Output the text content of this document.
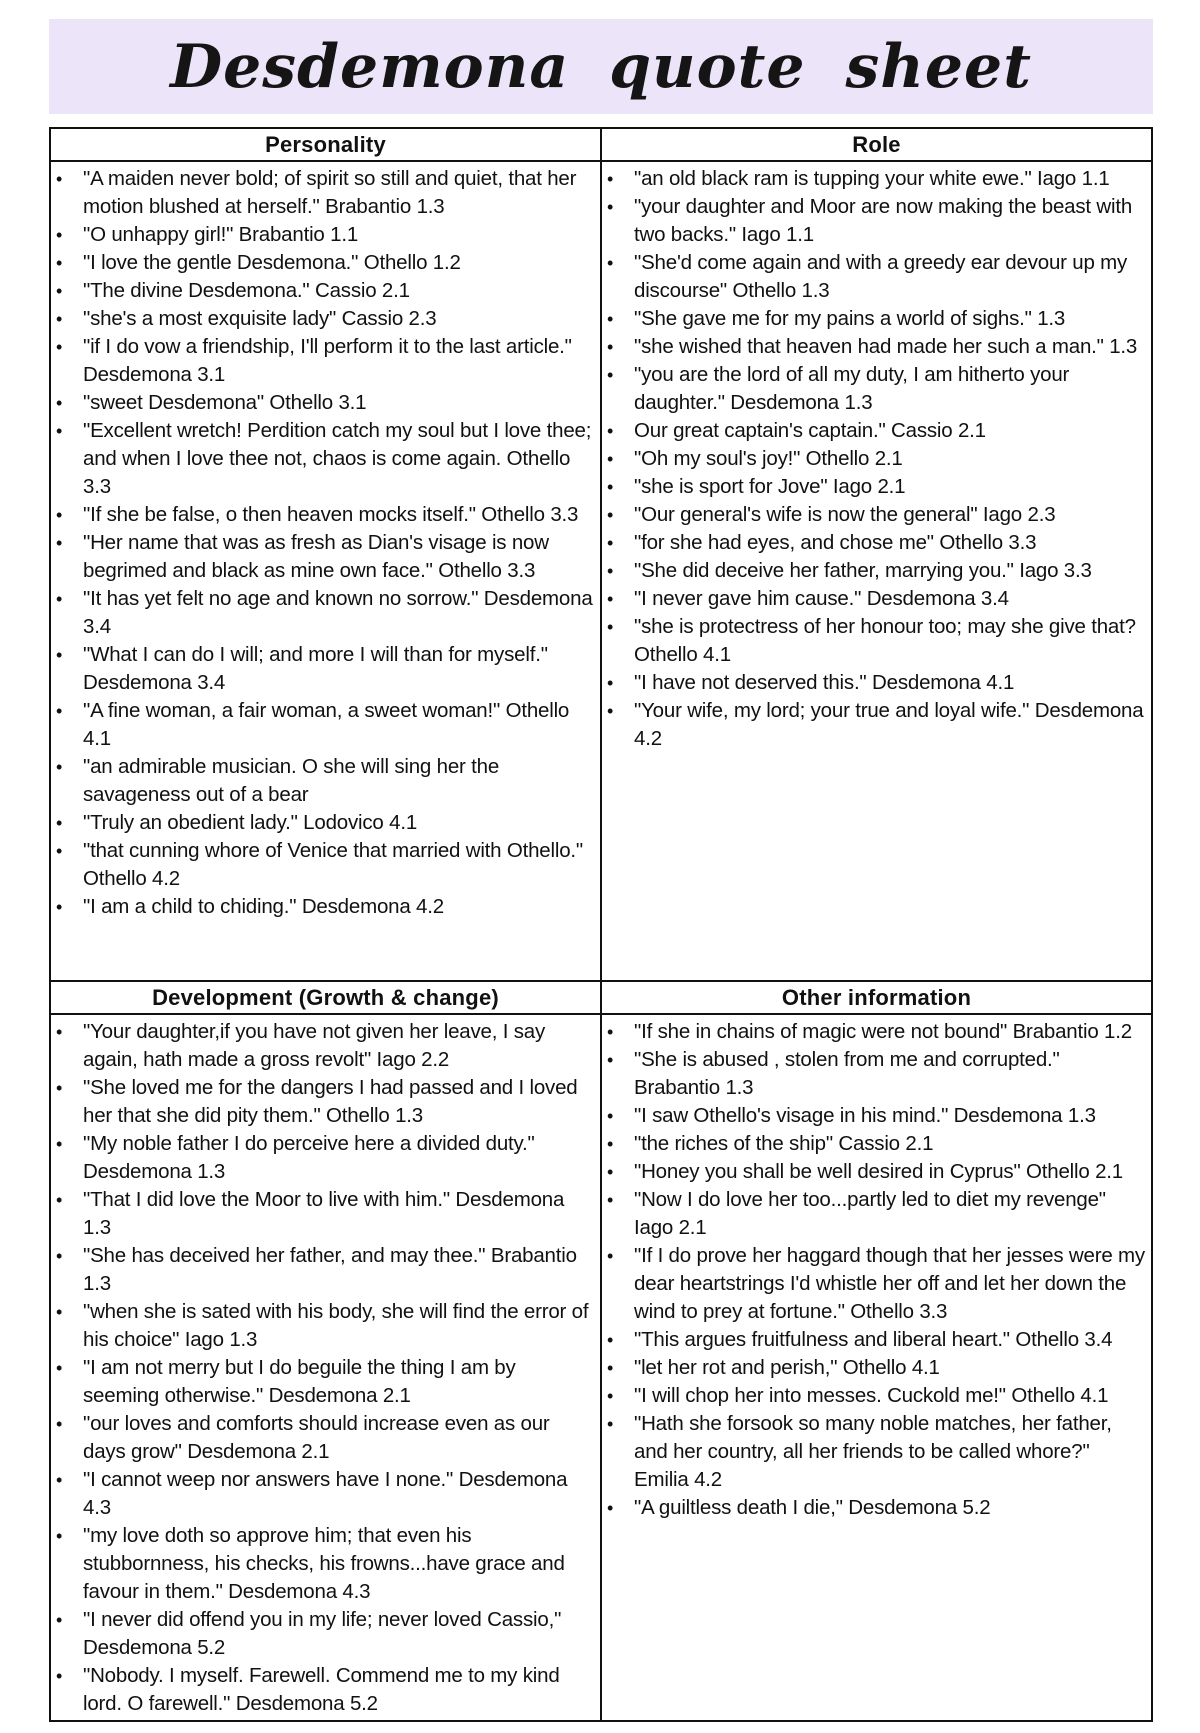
Desdemona quote sheet
Personality
• "A maiden never bold; of spirit so still and quiet, that her motion blushed at herself." Brabantio 1.3
• "O unhappy girl!" Brabantio 1.1
• "I love the gentle Desdemona." Othello 1.2
• "The divine Desdemona." Cassio 2.1
• "she's a most exquisite lady" Cassio 2.3
• "if I do vow a friendship, I'll perform it to the last article." Desdemona 3.1
• "sweet Desdemona" Othello 3.1
• "Excellent wretch! Perdition catch my soul but I love thee; and when I love thee not, chaos is come again. Othello 3.3
• "If she be false, o then heaven mocks itself." Othello 3.3
• "Her name that was as fresh as Dian's visage is now begrimed and black as mine own face." Othello 3.3
• "It has yet felt no age and known no sorrow." Desdemona 3.4
• "What I can do I will; and more I will than for myself." Desdemona 3.4
• "A fine woman, a fair woman, a sweet woman!" Othello 4.1
• "an admirable musician. O she will sing her the savageness out of a bear
• "Truly an obedient lady." Lodovico 4.1
• "that cunning whore of Venice that married with Othello." Othello 4.2
• "I am a child to chiding." Desdemona 4.2
Role
• "an old black ram is tupping your white ewe." Iago 1.1
• "your daughter and Moor are now making the beast with two backs." Iago 1.1
• "She'd come again and with a greedy ear devour up my discourse" Othello 1.3
• "She gave me for my pains a world of sighs." 1.3
• "she wished that heaven had made her such a man." 1.3
• "you are the lord of all my duty, I am hitherto your daughter." Desdemona 1.3
• Our great captain's captain." Cassio 2.1
• "Oh my soul's joy!" Othello 2.1
• "she is sport for Jove" Iago 2.1
• "Our general's wife is now the general" Iago 2.3
• "for she had eyes, and chose me" Othello 3.3
• "She did deceive her father, marrying you." Iago 3.3
• "I never gave him cause." Desdemona 3.4
• "she is protectress of her honour too; may she give that? Othello 4.1
• "I have not deserved this." Desdemona 4.1
• "Your wife, my lord; your true and loyal wife." Desdemona 4.2
Development (Growth & change)
• "Your daughter,if you have not given her leave, I say again, hath made a gross revolt" Iago 2.2
• "She loved me for the dangers I had passed and I loved her that she did pity them." Othello 1.3
• "My noble father I do perceive here a divided duty." Desdemona 1.3
• "That I did love the Moor to live with him." Desdemona 1.3
• "She has deceived her father, and may thee." Brabantio 1.3
• "when she is sated with his body, she will find the error of his choice" Iago 1.3
• "I am not merry but I do beguile the thing I am by seeming otherwise." Desdemona 2.1
• "our loves and comforts should increase even as our days grow" Desdemona 2.1
• "I cannot weep nor answers have I none." Desdemona 4.3
• "my love doth so approve him; that even his stubbornness, his checks, his frowns...have grace and favour in them." Desdemona 4.3
• "I never did offend you in my life; never loved Cassio," Desdemona 5.2
• "Nobody. I myself. Farewell. Commend me to my kind lord. O farewell." Desdemona 5.2
Other information
• "If she in chains of magic were not bound" Brabantio 1.2
• "She is abused , stolen from me and corrupted." Brabantio 1.3
• "I saw Othello's visage in his mind." Desdemona 1.3
• "the riches of the ship" Cassio 2.1
• "Honey you shall be well desired in Cyprus" Othello 2.1
• "Now I do love her too...partly led to diet my revenge" Iago 2.1
• "If I do prove her haggard though that her jesses were my dear heartstrings I'd whistle her off and let her down the wind to prey at fortune." Othello 3.3
• "This argues fruitfulness and liberal heart." Othello 3.4
• "let her rot and perish," Othello 4.1
• "I will chop her into messes. Cuckold me!" Othello 4.1
• "Hath she forsook so many noble matches, her father, and her country, all her friends to be called whore?" Emilia 4.2
• "A guiltless death I die," Desdemona 5.2
